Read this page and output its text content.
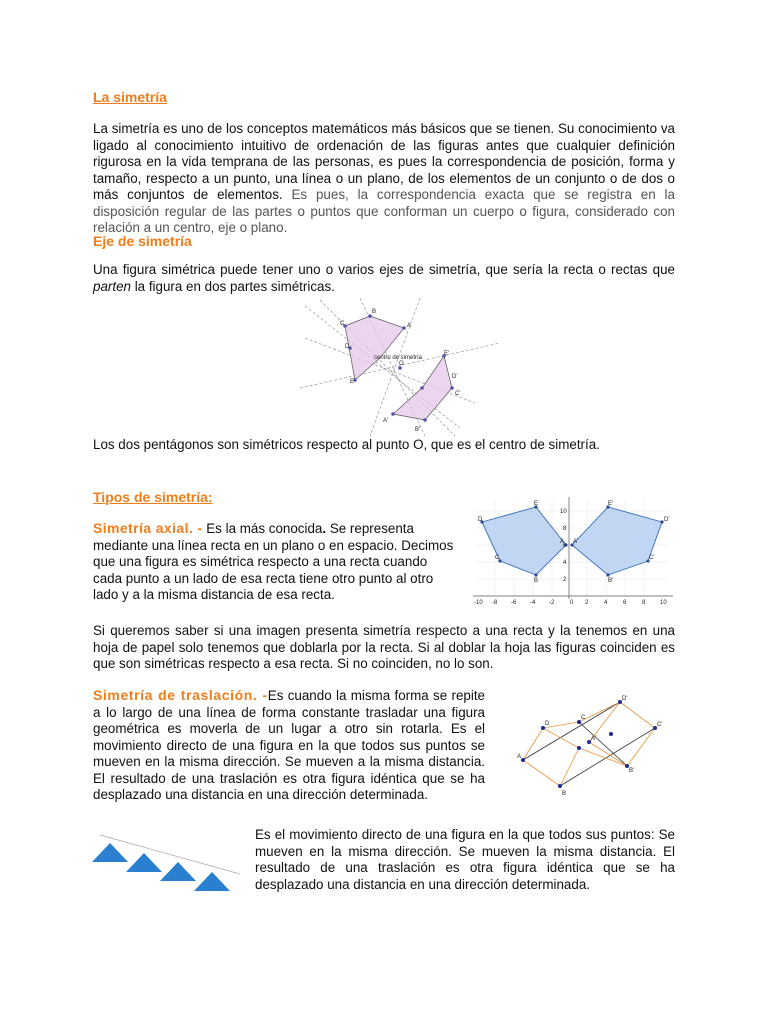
La simetría
La simetría es uno de los conceptos matemáticos más básicos que se tienen. Su conocimiento va ligado al conocimiento intuitivo de ordenación de las figuras antes que cualquier definición rigurosa en la vida temprana de las personas, es pues la correspondencia de posición, forma y tamaño, respecto a un punto, una línea o un plano, de los elementos de un conjunto o de dos o más conjuntos de elementos. Es pues, la correspondencia exacta que se registra en la disposición regular de las partes o puntos que conforman un cuerpo o figura, considerado con relación a un centro, eje o plano.
Eje de simetría
Una figura simétrica puede tener uno o varios ejes de simetría, que sería la recta o rectas que parten la figura en dos partes simétricas.
A
B
C
D
E
O
A'
B'
C'
D'
E'
centro de simetría
Los dos pentágonos son simétricos respecto al punto O, que es el centro de simetría.
Tipos de simetría:
Simetría axial. - Es la más conocida. Se representa mediante una línea recta en un plano o en espacio. Decimos que una figura es simétrica respecto a una recta cuando cada punto a un lado de esa recta tiene otro punto al otro lado y a la misma distancia de esa recta.
D
E
A
B
C
D'
E'
A'
B'
C'
-10 -8 -6 -4 -2	0 2	4	6	8 10
10
8
6
4
2
Si queremos saber si una imagen presenta simetría respecto a una recta y la tenemos en una hoja de papel solo tenemos que doblarla por la recta. Si al doblar la hoja las figuras coinciden es que son simétricas respecto a esa recta. Si no coinciden, no lo son.
Simetría de traslación. -Es cuando la misma forma se repite a lo largo de una línea de forma constante trasladar una figura geométrica es moverla de un lugar a otro sin rotarla. Es el movimiento directo de una figura en la que todos sus puntos se mueven en la misma dirección. Se mueven a la misma distancia. El resultado de una traslación es otra figura idéntica que se ha desplazado una distancia en una dirección determinada.
D'
C'
A'
B'
D
C
A
B
Es el movimiento directo de una figura en la que todos sus puntos: Se mueven en la misma dirección. Se mueven la misma distancia. El resultado de una traslación es otra figura idéntica que se ha desplazado una distancia en una dirección determinada.
